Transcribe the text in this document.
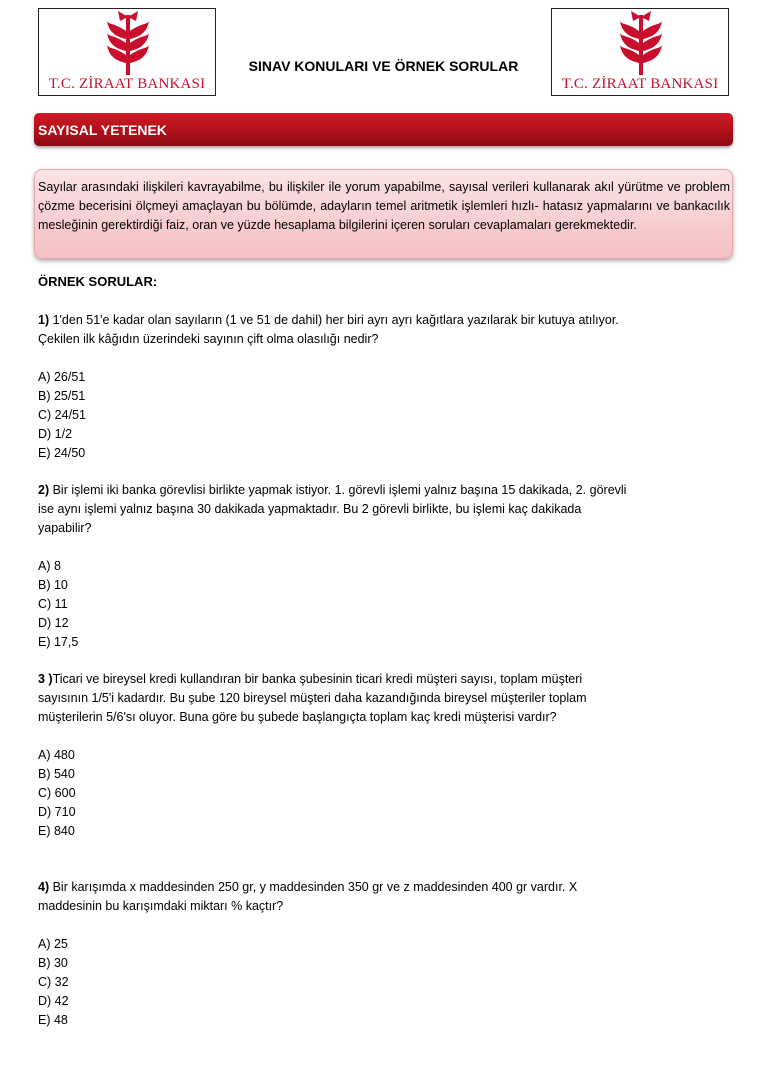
T.C. ZİRAAT BANKASI
SINAV KONULARI VE ÖRNEK SORULAR
T.C. ZİRAAT BANKASI
SAYISAL YETENEK
Sayılar arasındaki ilişkileri kavrayabilme, bu ilişkiler ile yorum yapabilme, sayısal verileri kullanarak akıl yürütme ve problem çözme becerisini ölçmeyi amaçlayan bu bölümde, adayların temel aritmetik işlemleri hızlı- hatasız yapmalarını ve bankacılık mesleğinin gerektirdiği faiz, oran ve yüzde hesaplama bilgilerini içeren soruları cevaplamaları gerekmektedir.
ÖRNEK SORULAR:
1) 1'den 51'e kadar olan sayıların (1 ve 51 de dahil) her biri ayrı ayrı kağıtlara yazılarak bir kutuya atılıyor.
Çekilen ilk kâğıdın üzerindeki sayının çift olma olasılığı nedir?
A) 26/51
B) 25/51
C) 24/51
D) 1/2
E) 24/50
2) Bir işlemi iki banka görevlisi birlikte yapmak istiyor. 1. görevli işlemi yalnız başına 15 dakikada, 2. görevli
ise aynı işlemi yalnız başına 30 dakikada yapmaktadır. Bu 2 görevli birlikte, bu işlemi kaç dakikada
yapabilir?
A) 8
B) 10
C) 11
D) 12
E) 17,5
3 )Ticari ve bireysel kredi kullandıran bir banka şubesinin ticari kredi müşteri sayısı, toplam müşteri
sayısının 1/5'i kadardır. Bu şube 120 bireysel müşteri daha kazandığında bireysel müşteriler toplam
müşterilerin 5/6'sı oluyor. Buna göre bu şubede başlangıçta toplam kaç kredi müşterisi vardır?
A) 480
B) 540
C) 600
D) 710
E) 840
4) Bir karışımda x maddesinden 250 gr, y maddesinden 350 gr ve z maddesinden 400 gr vardır. X
maddesinin bu karışımdaki miktarı % kaçtır?
A) 25
B) 30
C) 32
D) 42
E) 48
